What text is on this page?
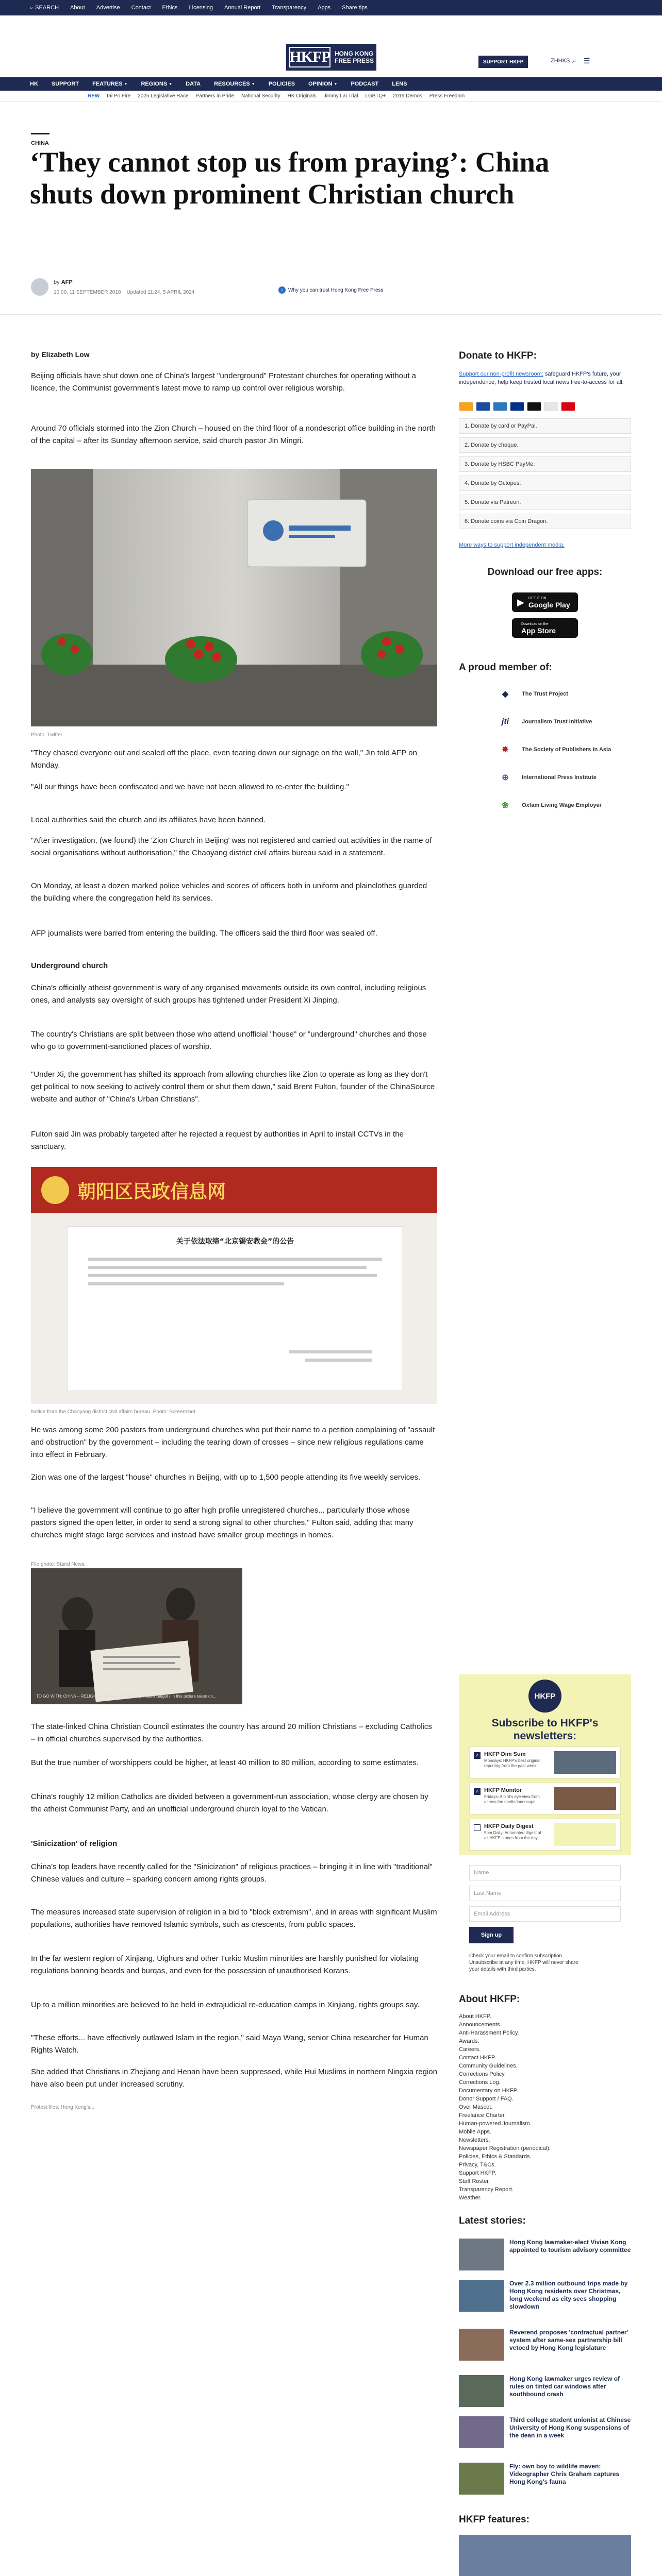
⌕ SEARCH About Advertise Contact Ethics Licensing Annual Report Transparency Apps Share tips
HKFP HONG KONG
FREE PRESS	SUPPORT HKFP	ZHHKS ⌕ ☰
HK SUPPORT FEATURES ▼ REGIONS ▼ DATA RESOURCES ▼ POLICIES OPINION ▼ PODCAST LENS
NEW Tai Po Fire 2025 Legislative Race Partners in Pride National Security HK Originals Jimmy Lai Trial LGBTQ+ 2019 Demos Press Freedom
CHINA
‘They cannot stop us from praying’: China shuts down prominent Christian church
by AFP
10:00, 11 SEPTEMBER 2018 Updated 11:24, 5 APRIL 2024	i	Why you can trust Hong Kong Free Press
by Elizabeth Low

Beijing officials have shut down one of China's largest "underground" Protestant churches for operating without a licence, the Communist government's latest move to ramp up control over religious worship.

Around 70 officials stormed into the Zion Church – housed on the third floor of a nondescript office building in the north of the capital – after its Sunday afternoon service, said church pastor Jin Mingri.

Photo: Twitter.

"They chased everyone out and sealed off the place, even tearing down our signage on the wall," Jin told AFP on Monday.

"All our things have been confiscated and we have not been allowed to re-enter the building."

Local authorities said the church and its affiliates have been banned.

"After investigation, (we found) the 'Zion Church in Beijing' was not registered and carried out activities in the name of social organisations without authorisation," the Chaoyang district civil affairs bureau said in a statement.

On Monday, at least a dozen marked police vehicles and scores of officers both in uniform and plainclothes guarded the building where the congregation held its services.

AFP journalists were barred from entering the building. The officers said the third floor was sealed off.

Underground church

China's officially atheist government is wary of any organised movements outside its own control, including religious ones, and analysts say oversight of such groups has tightened under President Xi Jinping.

The country's Christians are split between those who attend unofficial "house" or "underground" churches and those who go to government-sanctioned places of worship.

"Under Xi, the government has shifted its approach from allowing churches like Zion to operate as long as they don't get political to now seeking to actively control them or shut them down," said Brent Fulton, founder of the ChinaSource website and author of "China's Urban Christians".

Fulton said Jin was probably targeted after he rejected a request by authorities in April to install CCTVs in the sanctuary.

朝阳区民政信息网
关于依法取缔“北京锡安教会”的公告
Notice from the Chaoyang district civil affairs bureau. Photo: Screenshot.

He was among some 200 pastors from underground churches who put their name to a petition complaining of "assault and obstruction" by the government – including the tearing down of crosses – since new religious regulations came into effect in February.

Zion was one of the largest "house" churches in Beijing, with up to 1,500 people attending its five weekly services.

"I believe the government will continue to go after high profile unregistered churches... particularly those whose pastors signed the open letter, in order to send a strong signal to other churches," Fulton said, adding that many churches might stage large services and instead have smaller group meetings in homes.

File photo: Stand News.
TO GO WITH: CHINA -- RELIGION-XMAS / FEATURE by Robert Saiget / In this picture taken on...

The state-linked China Christian Council estimates the country has around 20 million Christians – excluding Catholics – in official churches supervised by the authorities.

But the true number of worshippers could be higher, at least 40 million to 80 million, according to some estimates.

China's roughly 12 million Catholics are divided between a government-run association, whose clergy are chosen by the atheist Communist Party, and an unofficial underground church loyal to the Vatican.

'Sinicization' of religion

China's top leaders have recently called for the "Sinicization" of religious practices – bringing it in line with "traditional" Chinese values and culture – sparking concern among rights groups.

The measures increased state supervision of religion in a bid to "block extremism", and in areas with significant Muslim populations, authorities have removed Islamic symbols, such as crescents, from public spaces.

In the far western region of Xinjiang, Uighurs and other Turkic Muslim minorities are harshly punished for violating regulations banning beards and burqas, and even for the possession of unauthorised Korans.

Up to a million minorities are believed to be held in extrajudicial re-education camps in Xinjiang, rights groups say.

"These efforts... have effectively outlawed Islam in the region," said Maya Wang, senior China researcher for Human Rights Watch.

She added that Christians in Zhejiang and Henan have been suppressed, while Hui Muslims in northern Ningxia region have also been put under increased scrutiny.

Protest files: Hong Kong's...

Donate to HKFP:
Support our non-profit newsroom: safeguard HKFP's future, your independence, help keep trusted local news free-to-access for all.
1. Donate by card or PayPal.
2. Donate by cheque.
3. Donate by HSBC PayMe.
4. Donate by Octopus.
5. Donate via Patreon.
6. Donate coins via Coin Dragon.
More ways to support independent media.
Download our free apps:
▶ GET IT ON
Google Play
Download on the
App Store
A proud member of:
◆	The Trust Project
jti	Journalism Trust Initiative
✸	The Society of Publishers in Asia
⊕	International Press Institute
❀	Oxfam Living Wage Employer
HKFP
Subscribe to HKFP's newsletters:
✓ HKFP Dim Sum
Mondays: HKFP's best original reporting from the past week.
✓ HKFP Monitor
Fridays: A bird's eye view from across the media landscape.
HKFP Daily Digest
5pm Daily: Automated digest of all HKFP stories from the day.
Name
Last Name
Email Address
Sign up
Check your email to confirm subscription. Unsubscribe at any time. HKFP will never share your details with third parties.
About HKFP:
About HKFP.
Announcements.
Anti-Harassment Policy.
Awards.
Careers.
Contact HKFP.
Community Guidelines.
Corrections Policy.
Corrections Log.
Documentary on HKFP.
Donor Support / FAQ.
Over Mascot.
Freelance Charter.
Human-powered Journalism.
Mobile Apps.
Newsletters.
Newspaper Registration (periodical).
Policies, Ethics & Standards.
Privacy, T&Cs.
Support HKFP.
Staff Roster.
Transparency Report.
Weather.
Latest stories:
Hong Kong lawmaker-elect Vivian Kong appointed to tourism advisory committee
Over 2.3 million outbound trips made by Hong Kong residents over Christmas, long weekend as city sees shopping slowdown
Reverend proposes 'contractual partner' system after same-sex partnership bill vetoed by Hong Kong legislature
Hong Kong lawmaker urges review of rules on tinted car windows after southbound crash
Third college student unionist at Chinese University of Hong Kong suspensions of the dean in a week
Fly: own boy to wildlife maven: Videographer Chris Graham captures Hong Kong's fauna
HKFP features:
